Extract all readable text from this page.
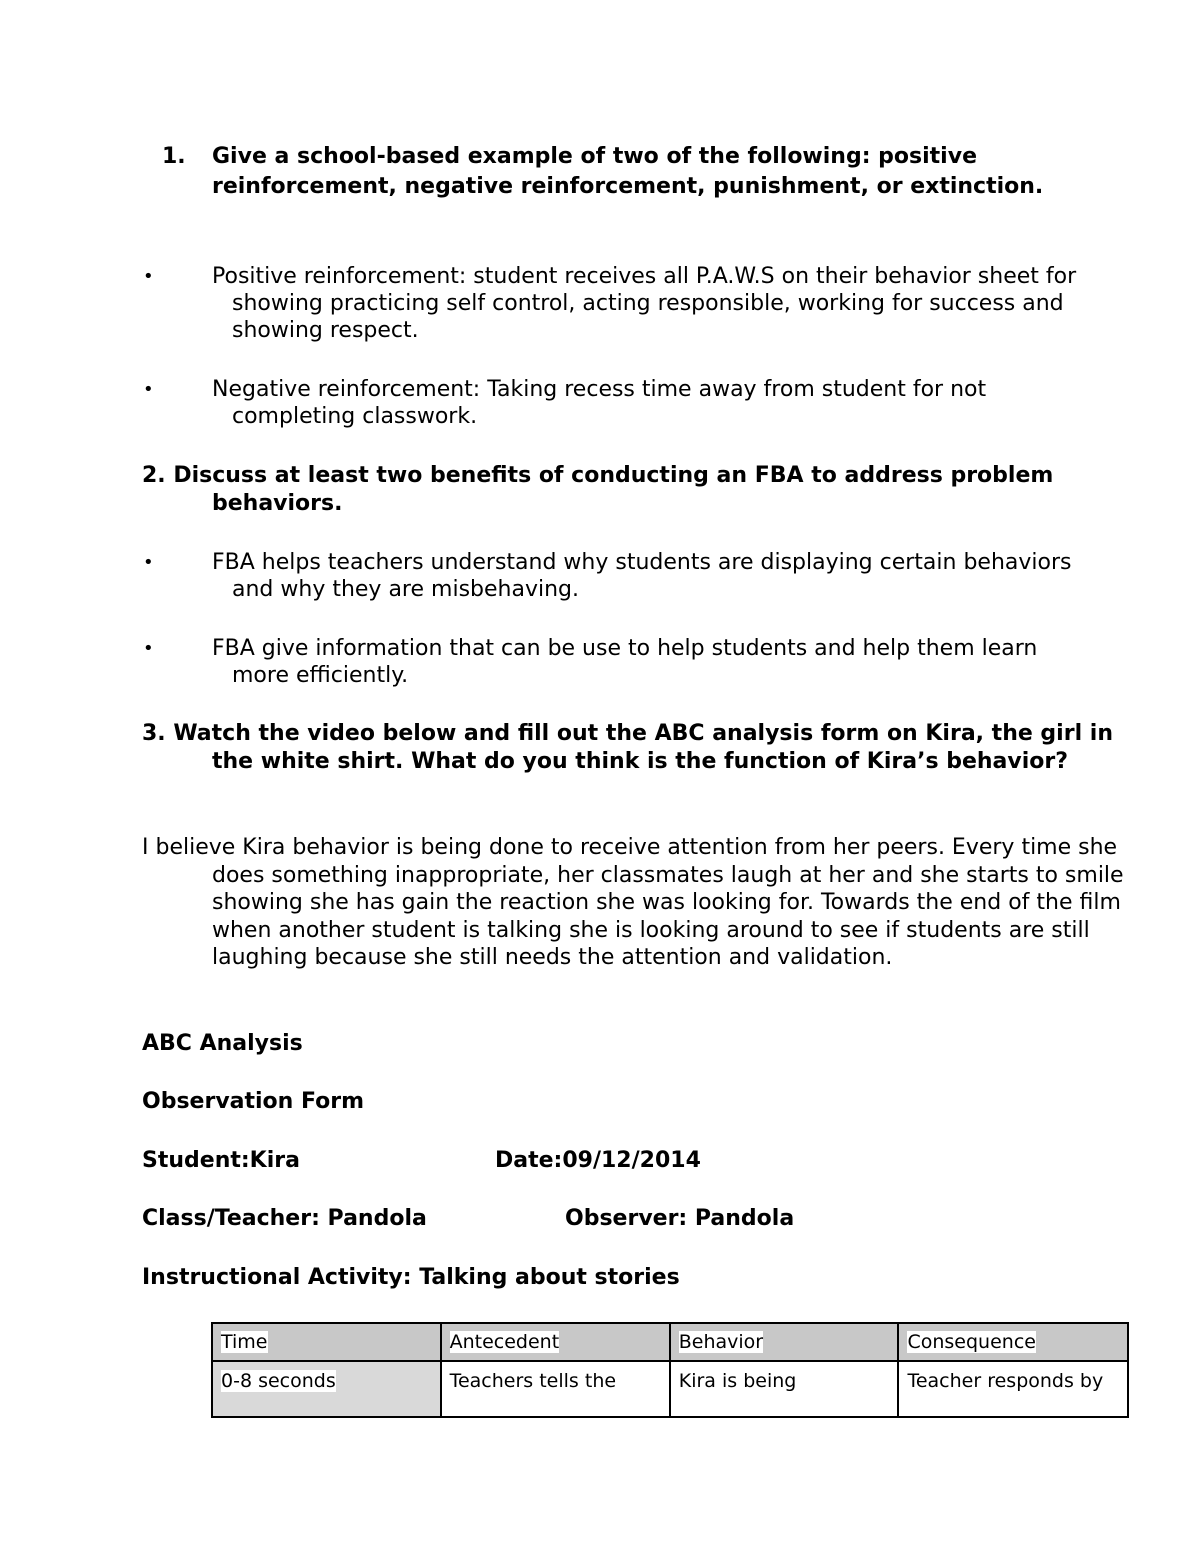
1. Give a school-based example of two of the following: positive reinforcement, negative reinforcement, punishment, or extinction.
•	Positive reinforcement: student receives all P.A.W.S on their behavior sheet for showing practicing self control, acting responsible, working for success and showing respect.
•	Negative reinforcement: Taking recess time away from student for not completing classwork.
2. Discuss at least two benefits of conducting an FBA to address problem behaviors.
•	FBA helps teachers understand why students are displaying certain behaviors and why they are misbehaving.
•	FBA give information that can be use to help students and help them learn more efficiently.
3. Watch the video below and fill out the ABC analysis form on Kira, the girl in the white shirt. What do you think is the function of Kira’s behavior?
I believe Kira behavior is being done to receive attention from her peers. Every time she does something inappropriate, her classmates laugh at her and she starts to smile showing she has gain the reaction she was looking for. Towards the end of the film when another student is talking she is looking around to see if students are still laughing because she still needs the attention and validation.
ABC Analysis
Observation Form
Student:Kira	Date:09/12/2014
Class/Teacher: Pandola	Observer: Pandola
Instructional Activity: Talking about stories
Time	Antecedent	Behavior	Consequence
0-8 seconds	Teachers tells the	Kira is being	Teacher responds by
